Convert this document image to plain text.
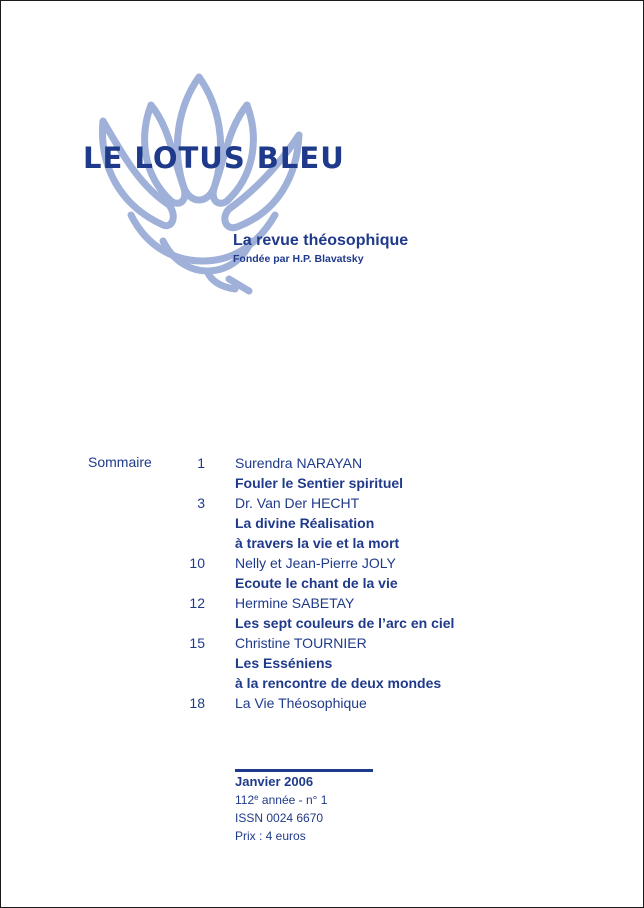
LE LOTUS BLEU
La revue théosophique
Fondée par H.P. Blavatsky
Sommaire	1 Surendra NARAYAN
Fouler le Sentier spirituel
3 Dr. Van Der HECHT
La divine Réalisation
à travers la vie et la mort
10 Nelly et Jean-Pierre JOLY
Ecoute le chant de la vie
12 Hermine SABETAY
Les sept couleurs de l’arc en ciel
15 Christine TOURNIER
Les Esséniens
à la rencontre de deux mondes
18 La Vie Théosophique
Janvier 2006
112e année - n° 1
ISSN 0024 6670
Prix : 4 euros
